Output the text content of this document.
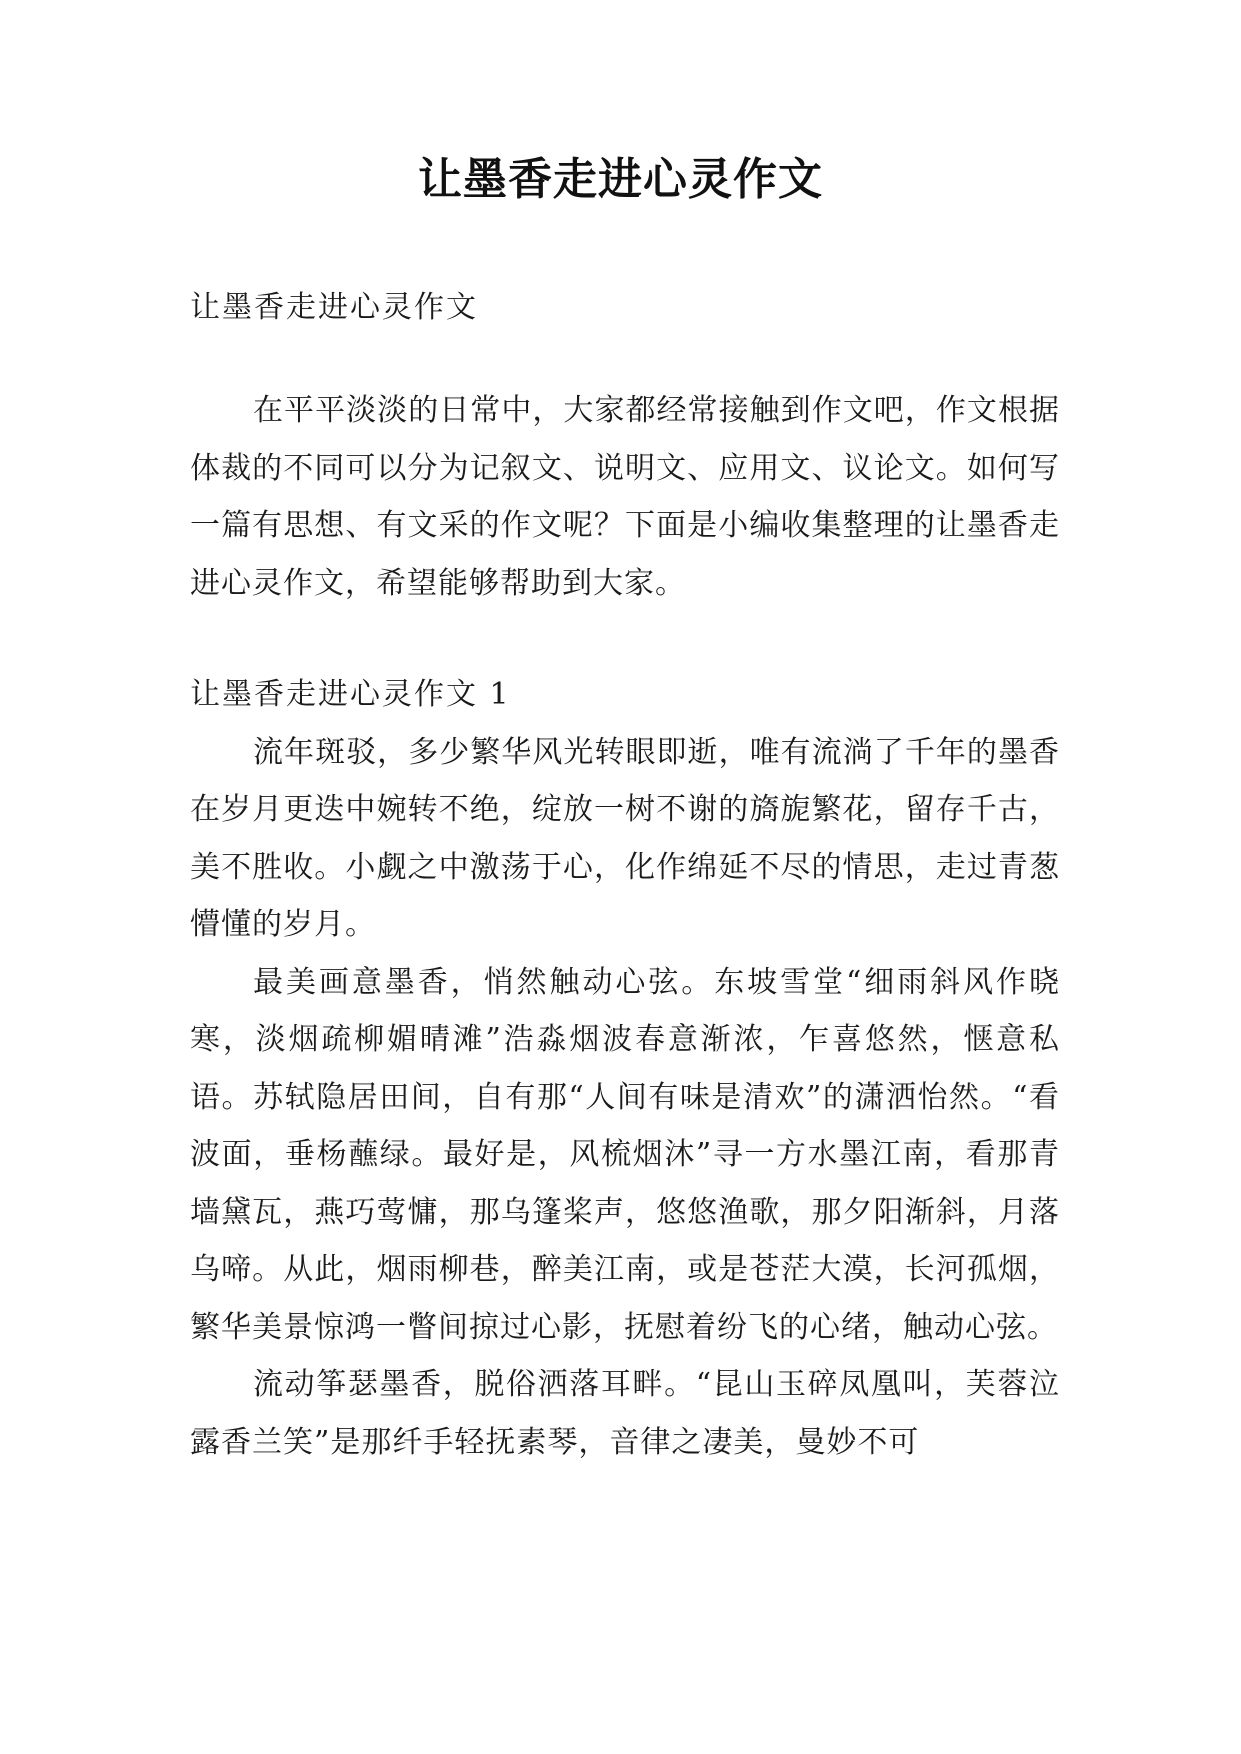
让墨香走进心灵作文

让墨香走进心灵作文

在平平淡淡的日常中，大家都经常接触到作文吧，作文根据体裁的不同可以分为记叙文、说明文、应用文、议论文。如何写一篇有思想、有文采的作文呢？下面是小编收集整理的让墨香走进心灵作文，希望能够帮助到大家。

让墨香走进心灵作文 1

流年斑驳，多少繁华风光转眼即逝，唯有流淌了千年的墨香在岁月更迭中婉转不绝，绽放一树不谢的旖旎繁花，留存千古，美不胜收。小觑之中激荡于心，化作绵延不尽的情思，走过青葱懵懂的岁月。

最美画意墨香，悄然触动心弦。东坡雪堂“细雨斜风作晓寒，淡烟疏柳媚晴滩”浩淼烟波春意渐浓，乍喜悠然，惬意私语。苏轼隐居田间，自有那“人间有味是清欢”的潇洒怡然。“看波面，垂杨蘸绿。最好是，风梳烟沐”寻一方水墨江南，看那青墙黛瓦，燕巧莺慵，那乌篷桨声，悠悠渔歌，那夕阳渐斜，月落乌啼。从此，烟雨柳巷，醉美江南，或是苍茫大漠，长河孤烟，繁华美景惊鸿一瞥间掠过心影，抚慰着纷飞的心绪，触动心弦。

流动筝瑟墨香，脱俗洒落耳畔。“昆山玉碎凤凰叫，芙蓉泣露香兰笑”是那纤手轻抚素琴，音律之凄美，曼妙不可
